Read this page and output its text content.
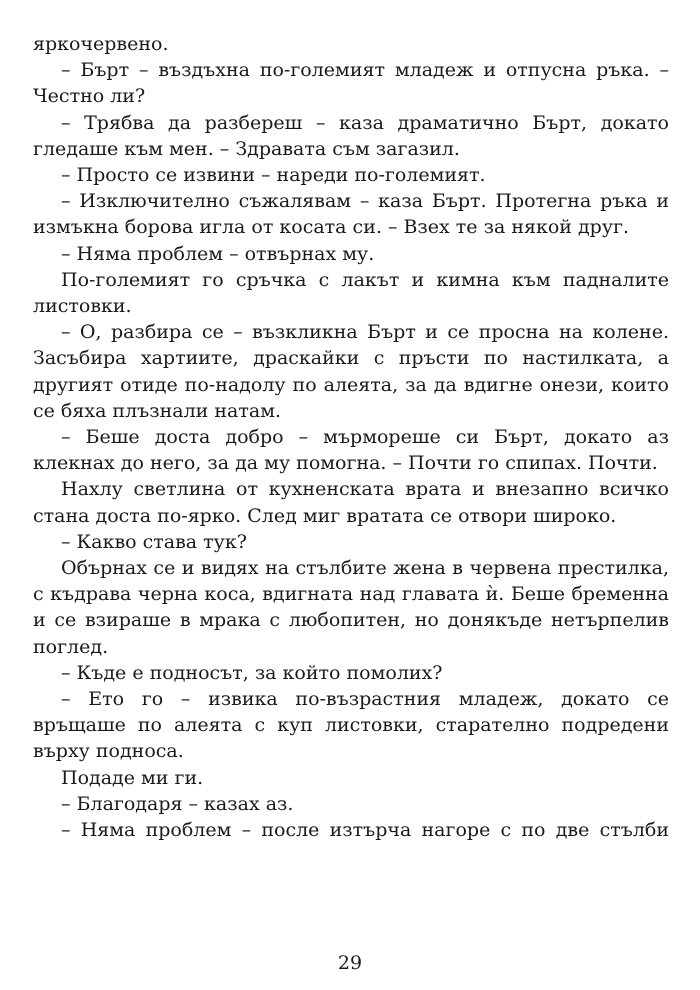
яркочервено.

– Бърт – въздъхна по-големият младеж и отпусна ръка. – Честно ли?

– Трябва да разбереш – каза драматично Бърт, докато гледаше към мен. – Здравата съм загазил.

– Просто се извини – нареди по-големият.

– Изключително съжалявам – каза Бърт. Протегна ръка и измъкна борова игла от косата си. – Взех те за някой друг.

– Няма проблем – отвърнах му.

По-големият го сръчка с лакът и кимна към падналите листовки.

– О, разбира се – възкликна Бърт и се просна на колене. Засъбира хартиите, драскайки с пръсти по настилката, а другият отиде по-надолу по алеята, за да вдигне онези, които се бяха плъзнали натам.

– Беше доста добро – мърмореше си Бърт, докато аз клекнах до него, за да му помогна. – Почти го спипах. Почти.

Нахлу светлина от кухненската врата и внезапно всичко стана доста по-ярко. След миг вратата се отвори широко.

– Какво става тук?

Обърнах се и видях на стълбите жена в червена престилка, с къдрава черна коса, вдигната над главата ѝ. Беше бременна и се взираше в мрака с любопитен, но донякъде нетърпелив поглед.

– Къде е подносът, за който помолих?

– Ето го – извика по-възрастния младеж, докато се връщаше по алеята с куп листовки, старателно подредени върху подноса.

Подаде ми ги.

– Благодаря – казах аз.

– Няма проблем – после изтърча нагоре с по две стълби

29
